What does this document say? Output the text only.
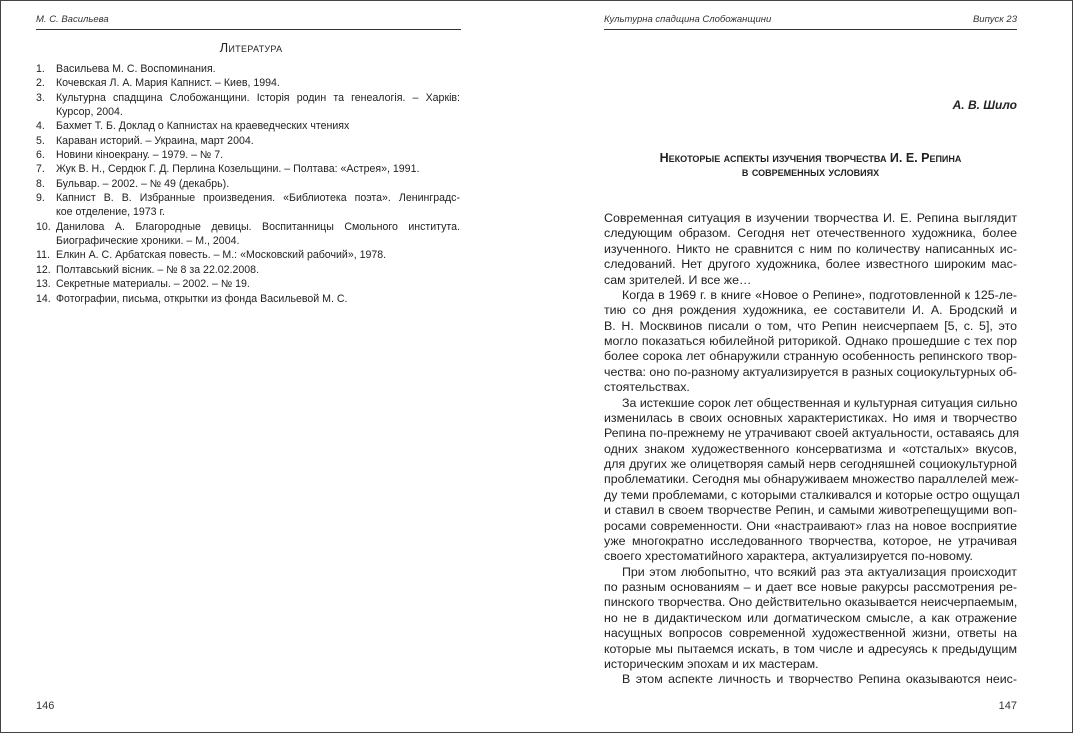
М. С. Васильева
Литература
1.	Васильева М. С. Воспоминания.
2.	Кочевская Л. А. Мария Капнист. – Киев, 1994.
3.	Культурна спадщина Слобожанщини. Історія родин та генеалогія. – Харків:
Курсор, 2004.
4.	Бахмет Т. Б. Доклад о Капнистах на краеведческих чтениях
5.	Караван историй. – Украина, март 2004.
6.	Новини кіноекрану. – 1979. – № 7.
7.	Жук В. Н., Сердюк Г. Д. Перлина Козельщини. – Полтава: «Астрея», 1991.
8.	Бульвар. – 2002. – № 49 (декабрь).
9.	Капнист В. В. Избранные произведения. «Библиотека поэта». Ленинградс-
кое отделение, 1973 г.
10. Данилова А. Благородные девицы. Воспитанницы Смольного института.
Биографические хроники. – М., 2004.
11. Елкин А. С. Арбатская повесть. – М.: «Московский рабочий», 1978.
12. Полтавський вісник. – № 8 за 22.02.2008.
13. Секретные материалы. – 2002. – № 19.
14. Фотографии, письма, открытки из фонда Васильевой М. С.
146
Культурна спадщина Слобожанщини	Випуск 23
А. В. Шило
Некоторые аспекты изучения творчества И. Е. Репина
в современных условиях
Современная ситуация в изучении творчества И. Е. Репина выглядит
следующим образом. Сегодня нет отечественного художника, более
изученного. Никто не сравнится с ним по количеству написанных ис-
следований. Нет другого художника, более известного широким мас-
сам зрителей. И все же…
Когда в 1969 г. в книге «Новое о Репине», подготовленной к 125-ле-
тию со дня рождения художника, ее составители И. А. Бродский и
В. Н. Москвинов писали о том, что Репин неисчерпаем [5, с. 5], это
могло показаться юбилейной риторикой. Однако прошедшие с тех пор
более сорока лет обнаружили странную особенность репинского твор-
чества: оно по-разному актуализируется в разных социокультурных об-
стоятельствах.
За истекшие сорок лет общественная и культурная ситуация сильно
изменилась в своих основных характеристиках. Но имя и творчество
Репина по-прежнему не утрачивают своей актуальности, оставаясь для
одних знаком художественного консерватизма и «отсталых» вкусов,
для других же олицетворяя самый нерв сегодняшней социокультурной
проблематики. Сегодня мы обнаруживаем множество параллелей меж-
ду теми проблемами, с которыми сталкивался и которые остро ощущал
и ставил в своем творчестве Репин, и самыми животрепещущими воп-
росами современности. Они «настраивают» глаз на новое восприятие
уже многократно исследованного творчества, которое, не утрачивая
своего хрестоматийного характера, актуализируется по-новому.
При этом любопытно, что всякий раз эта актуализация происходит
по разным основаниям – и дает все новые ракурсы рассмотрения ре-
пинского творчества. Оно действительно оказывается неисчерпаемым,
но не в дидактическом или догматическом смысле, а как отражение
насущных вопросов современной художественной жизни, ответы на
которые мы пытаемся искать, в том числе и адресуясь к предыдущим
историческим эпохам и их мастерам.
В этом аспекте личность и творчество Репина оказываются неис-
147
